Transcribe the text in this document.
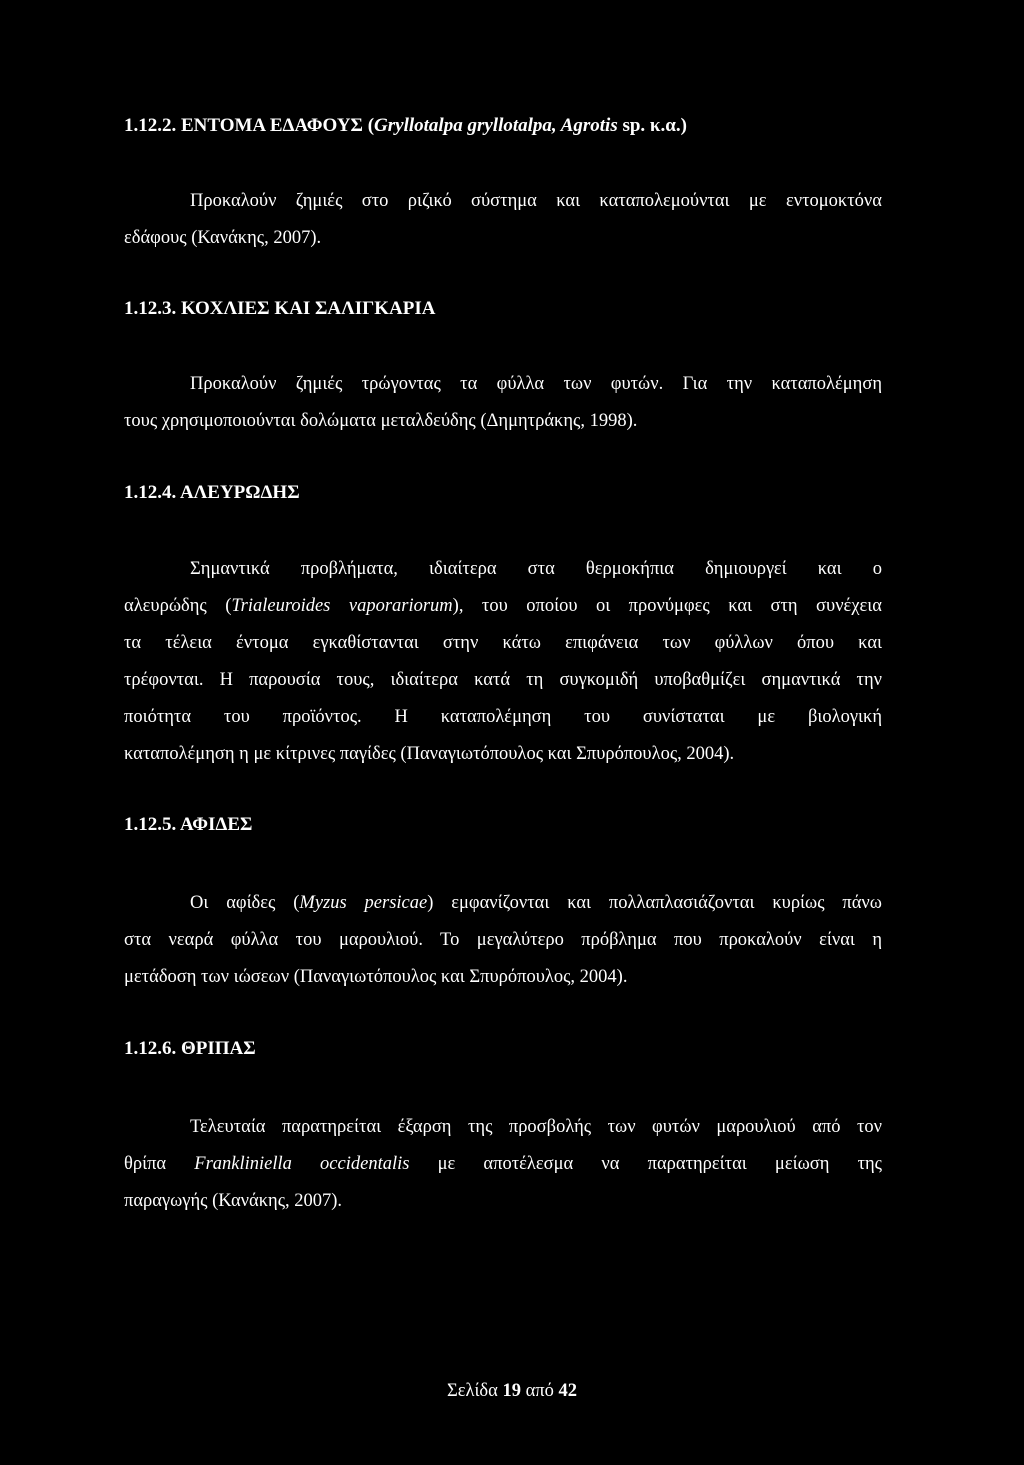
1.12.2. ΕΝΤΟΜΑ ΕΔΑΦΟΥΣ (Gryllotalpa gryllotalpa, Agrotis sp. κ.α.)
Προκαλούν ζημιές στο ριζικό σύστημα και καταπολεμούνται με εντομοκτόνα
εδάφους (Κανάκης, 2007).
1.12.3. ΚΟΧΛΙΕΣ ΚΑΙ ΣΑΛΙΓΚΑΡΙΑ
Προκαλούν ζημιές τρώγοντας τα φύλλα των φυτών. Για την καταπολέμηση
τους χρησιμοποιούνται δολώματα μεταλδεύδης (Δημητράκης, 1998).
1.12.4. ΑΛΕΥΡΩΔΗΣ
Σημαντικά προβλήματα, ιδιαίτερα στα θερμοκήπια δημιουργεί και ο
αλευρώδης (Trialeuroides vaporariorum), του οποίου οι προνύμφες και στη συνέχεια
τα τέλεια έντομα εγκαθίστανται στην κάτω επιφάνεια των φύλλων όπου και
τρέφονται. Η παρουσία τους, ιδιαίτερα κατά τη συγκομιδή υποβαθμίζει σημαντικά την
ποιότητα του προϊόντος. Η καταπολέμηση του συνίσταται με βιολογική
καταπολέμηση η με κίτρινες παγίδες (Παναγιωτόπουλος και Σπυρόπουλος, 2004).
1.12.5. ΑΦΙΔΕΣ
Οι αφίδες (Myzus persicae) εμφανίζονται και πολλαπλασιάζονται κυρίως πάνω
στα νεαρά φύλλα του μαρουλιού. Το μεγαλύτερο πρόβλημα που προκαλούν είναι η
μετάδοση των ιώσεων (Παναγιωτόπουλος και Σπυρόπουλος, 2004).
1.12.6. ΘΡΙΠΑΣ
Τελευταία παρατηρείται έξαρση της προσβολής των φυτών μαρουλιού από τον
θρίπα Frankliniella occidentalis με αποτέλεσμα να παρατηρείται μείωση της
παραγωγής (Κανάκης, 2007).
Σελίδα 19 από 42
